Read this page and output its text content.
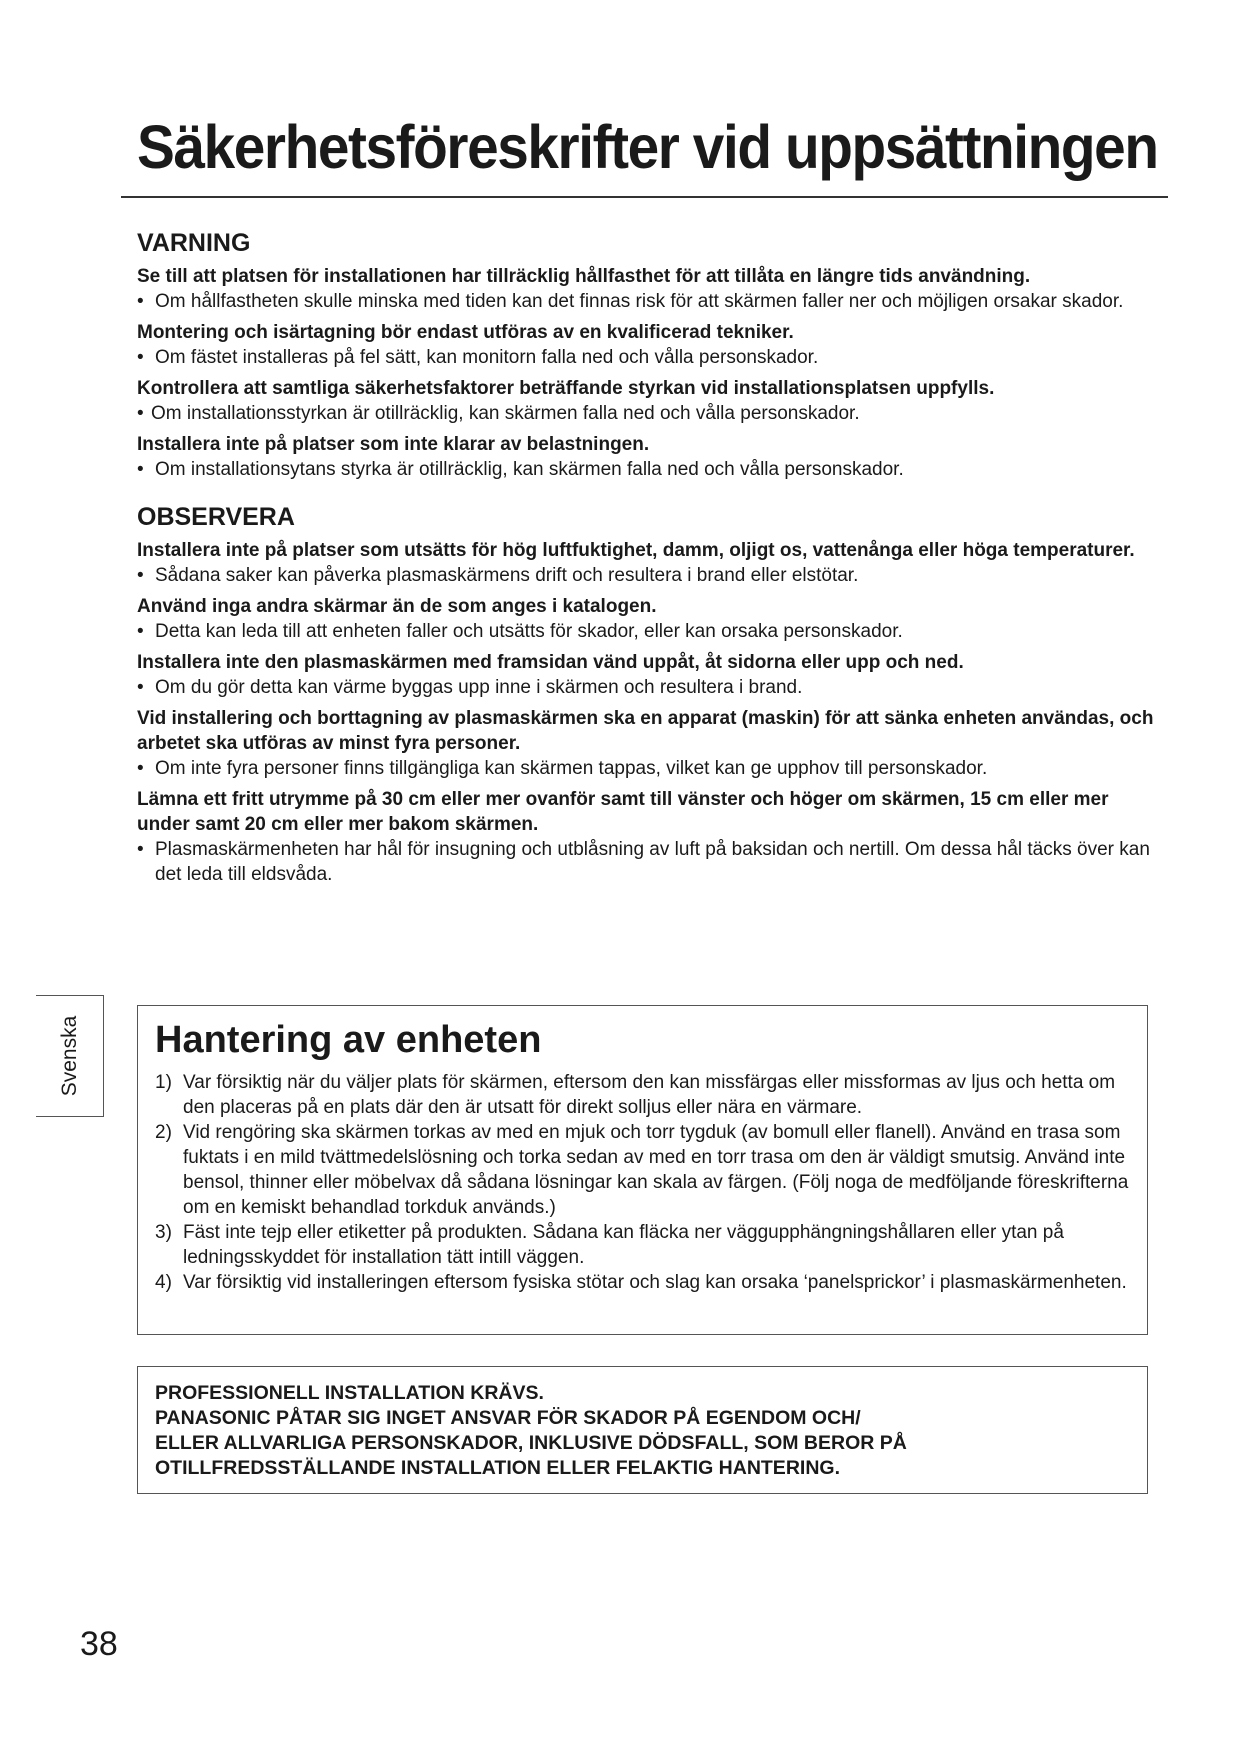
Säkerhetsföreskrifter vid uppsättningen
VARNING

Se till att platsen för installationen har tillräcklig hållfasthet för att tillåta en längre tids användning.

• Om hållfastheten skulle minska med tiden kan det finnas risk för att skärmen faller ner och möjligen orsakar skador.

Montering och isärtagning bör endast utföras av en kvalificerad tekniker.

• Om fästet installeras på fel sätt, kan monitorn falla ned och vålla personskador.

Kontrollera att samtliga säkerhetsfaktorer beträffande styrkan vid installationsplatsen uppfylls.

• Om installationsstyrkan är otillräcklig, kan skärmen falla ned och vålla personskador.

Installera inte på platser som inte klarar av belastningen.

• Om installationsytans styrka är otillräcklig, kan skärmen falla ned och vålla personskador.

OBSERVERA

Installera inte på platser som utsätts för hög luftfuktighet, damm, oljigt os, vattenånga eller höga temperaturer.

• Sådana saker kan påverka plasmaskärmens drift och resultera i brand eller elstötar.

Använd inga andra skärmar än de som anges i katalogen.

• Detta kan leda till att enheten faller och utsätts för skador, eller kan orsaka personskador.

Installera inte den plasmaskärmen med framsidan vänd uppåt, åt sidorna eller upp och ned.

• Om du gör detta kan värme byggas upp inne i skärmen och resultera i brand.

Vid installering och borttagning av plasmaskärmen ska en apparat (maskin) för att sänka enheten användas, och arbetet ska utföras av minst fyra personer.

• Om inte fyra personer finns tillgängliga kan skärmen tappas, vilket kan ge upphov till personskador.

Lämna ett fritt utrymme på 30 cm eller mer ovanför samt till vänster och höger om skärmen, 15 cm eller mer under samt 20 cm eller mer bakom skärmen.

• Plasmaskärmenheten har hål för insugning och utblåsning av luft på baksidan och nertill. Om dessa hål täcks över kan det leda till eldsvåda.

Svenska Hantering av enheten

1) Var försiktig när du väljer plats för skärmen, eftersom den kan missfärgas eller missformas av ljus och hetta om den placeras på en plats där den är utsatt för direkt solljus eller nära en värmare.

2) Vid rengöring ska skärmen torkas av med en mjuk och torr tygduk (av bomull eller flanell). Använd en trasa som fuktats i en mild tvättmedelslösning och torka sedan av med en torr trasa om den är väldigt smutsig. Använd inte bensol, thinner eller möbelvax då sådana lösningar kan skala av färgen. (Följ noga de medföljande föreskrifterna om en kemiskt behandlad torkduk används.)

3) Fäst inte tejp eller etiketter på produkten. Sådana kan fläcka ner väggupphängningshållaren eller ytan på ledningsskyddet för installation tätt intill väggen.

4) Var försiktig vid installeringen eftersom fysiska stötar och slag kan orsaka ‘panelsprickor’ i plasmaskärmenheten.

PROFESSIONELL INSTALLATION KRÄVS.

PANASONIC PÅTAR SIG INGET ANSVAR FÖR SKADOR PÅ EGENDOM OCH/

ELLER ALLVARLIGA PERSONSKADOR, INKLUSIVE DÖDSFALL, SOM BEROR PÅ

OTILLFREDSSTÄLLANDE INSTALLATION ELLER FELAKTIG HANTERING.

38
